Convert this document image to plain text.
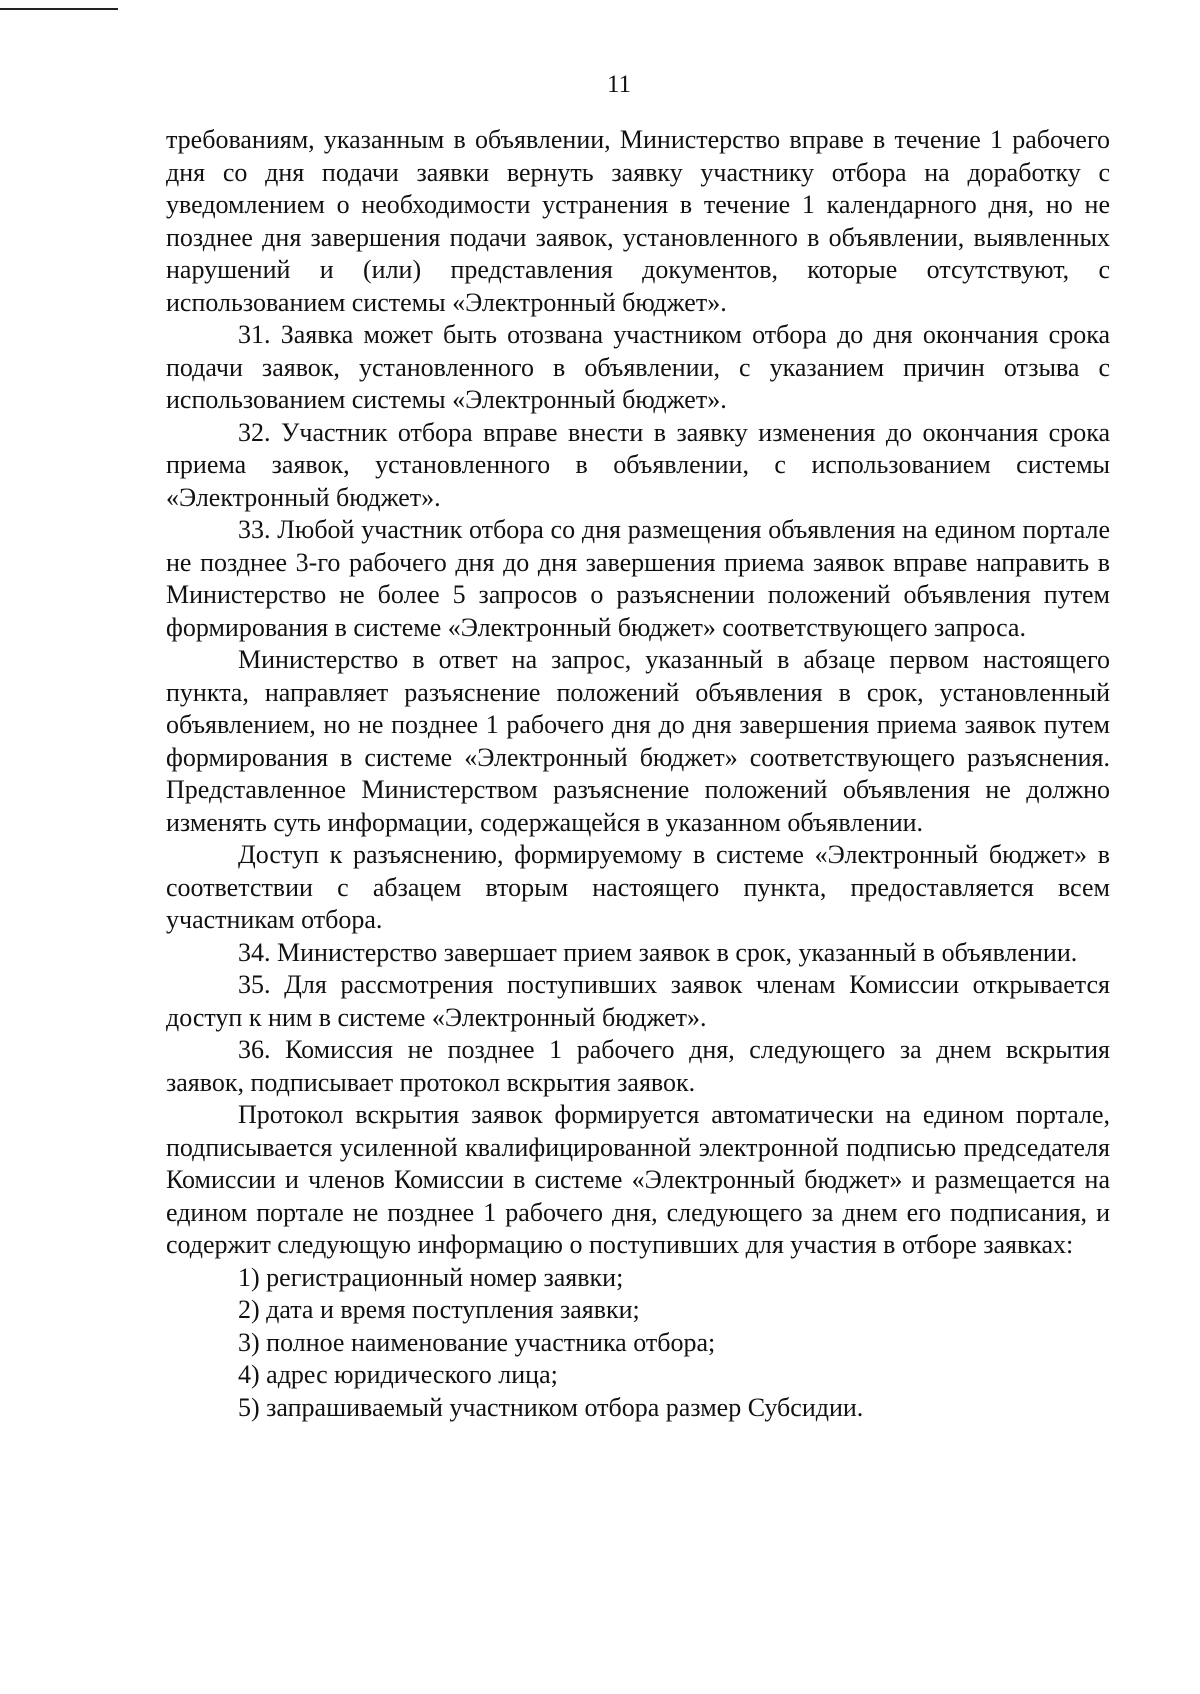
11

требованиям, указанным в объявлении, Министерство вправе в течение 1 рабочего дня со дня подачи заявки вернуть заявку участнику отбора на доработку с уведомлением о необходимости устранения в течение 1 календарного дня, но не позднее дня завершения подачи заявок, установленного в объявлении, выявленных нарушений и (или) представления документов, которые отсутствуют, с использованием системы «Электронный бюджет».

31. Заявка может быть отозвана участником отбора до дня окончания срока подачи заявок, установленного в объявлении, с указанием причин отзыва с использованием системы «Электронный бюджет».

32. Участник отбора вправе внести в заявку изменения до окончания срока приема заявок, установленного в объявлении, с использованием системы «Электронный бюджет».

33. Любой участник отбора со дня размещения объявления на едином портале не позднее 3-го рабочего дня до дня завершения приема заявок вправе направить в Министерство не более 5 запросов о разъяснении положений объявления путем формирования в системе «Электронный бюджет» соответствующего запроса.

Министерство в ответ на запрос, указанный в абзаце первом настоящего пункта, направляет разъяснение положений объявления в срок, установленный объявлением, но не позднее 1 рабочего дня до дня завершения приема заявок путем формирования в системе «Электронный бюджет» соответствующего разъяснения. Представленное Министерством разъяснение положений объявления не должно изменять суть информации, содержащейся в указанном объявлении.

Доступ к разъяснению, формируемому в системе «Электронный бюджет» в соответствии с абзацем вторым настоящего пункта, предоставляется всем участникам отбора.

34. Министерство завершает прием заявок в срок, указанный в объявлении.

35. Для рассмотрения поступивших заявок членам Комиссии открывается доступ к ним в системе «Электронный бюджет».

36. Комиссия не позднее 1 рабочего дня, следующего за днем вскрытия заявок, подписывает протокол вскрытия заявок.

Протокол вскрытия заявок формируется автоматически на едином портале, подписывается усиленной квалифицированной электронной подписью председателя Комиссии и членов Комиссии в системе «Электронный бюджет» и размещается на едином портале не позднее 1 рабочего дня, следующего за днем его подписания, и содержит следующую информацию о поступивших для участия в отборе заявках:

1) регистрационный номер заявки;

2) дата и время поступления заявки;

3) полное наименование участника отбора;

4) адрес юридического лица;

5) запрашиваемый участником отбора размер Субсидии.
